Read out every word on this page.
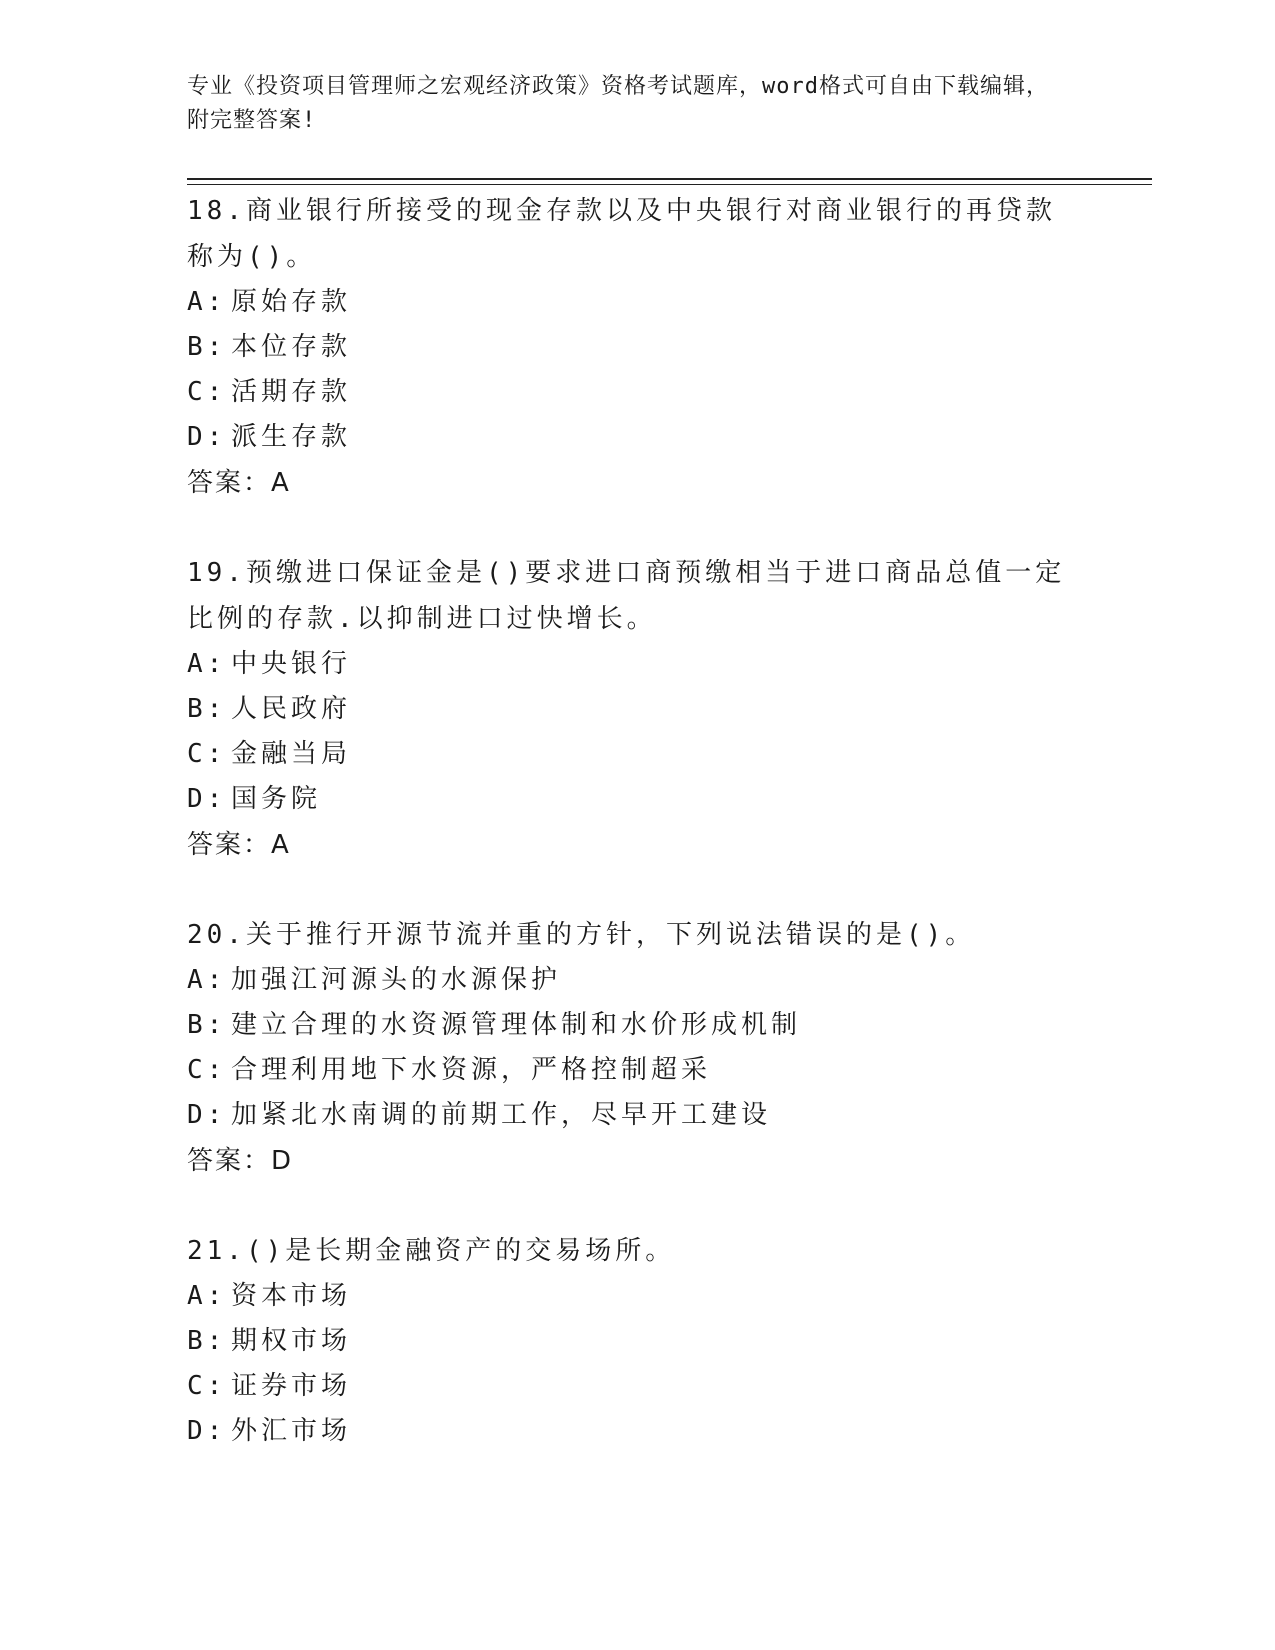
专业《投资项目管理师之宏观经济政策》资格考试题库，word格式可自由下载编辑，附完整答案!
18.商业银行所接受的现金存款以及中央银行对商业银行的再贷款称为()。
A: 原始存款
B: 本位存款
C: 活期存款
D: 派生存款
答案：A
19.预缴进口保证金是()要求进口商预缴相当于进口商品总值一定比例的存款.以抑制进口过快增长。
A: 中央银行
B: 人民政府
C: 金融当局
D: 国务院
答案：A
20.关于推行开源节流并重的方针，下列说法错误的是()。
A: 加强江河源头的水源保护
B: 建立合理的水资源管理体制和水价形成机制
C: 合理利用地下水资源，严格控制超采
D: 加紧北水南调的前期工作，尽早开工建设
答案：D
21.()是长期金融资产的交易场所。
A: 资本市场
B: 期权市场
C: 证券市场
D: 外汇市场
